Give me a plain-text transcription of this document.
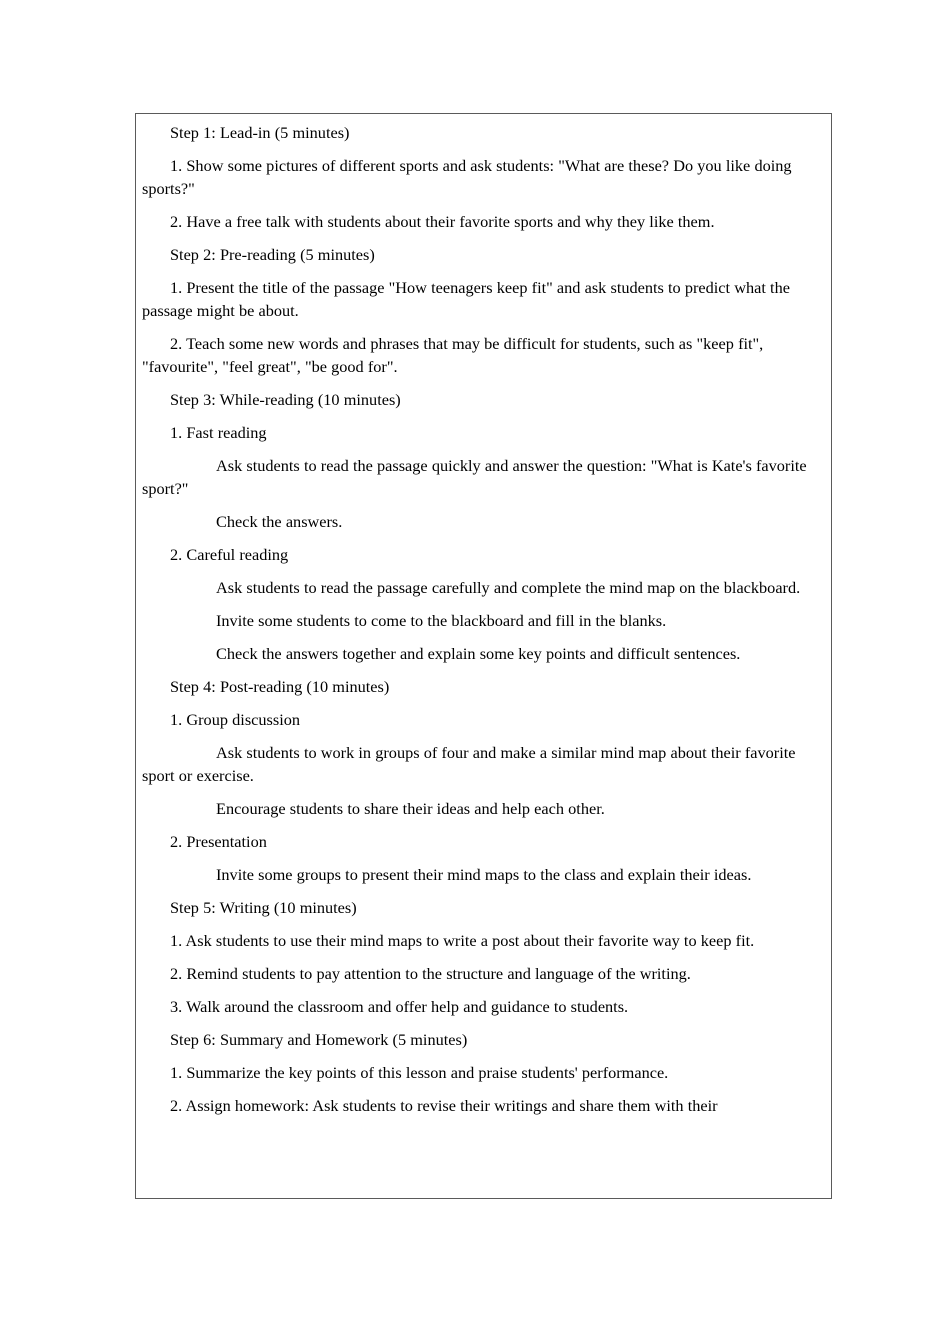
Step 1: Lead-in (5 minutes)

1. Show some pictures of different sports and ask students: "What are these? Do you like doing sports?"

2. Have a free talk with students about their favorite sports and why they like them.

Step 2: Pre-reading (5 minutes)

1. Present the title of the passage "How teenagers keep fit" and ask students to predict what the passage might be about.

2. Teach some new words and phrases that may be difficult for students, such as "keep fit", "favourite", "feel great", "be good for".

Step 3: While-reading (10 minutes)

1. Fast reading

Ask students to read the passage quickly and answer the question: "What is Kate's favorite sport?"

Check the answers.

2. Careful reading

Ask students to read the passage carefully and complete the mind map on the blackboard.

Invite some students to come to the blackboard and fill in the blanks.

Check the answers together and explain some key points and difficult sentences.

Step 4: Post-reading (10 minutes)

1. Group discussion

Ask students to work in groups of four and make a similar mind map about their favorite sport or exercise.

Encourage students to share their ideas and help each other.

2. Presentation

Invite some groups to present their mind maps to the class and explain their ideas.

Step 5: Writing (10 minutes)

1. Ask students to use their mind maps to write a post about their favorite way to keep fit.

2. Remind students to pay attention to the structure and language of the writing.

3. Walk around the classroom and offer help and guidance to students.

Step 6: Summary and Homework (5 minutes)

1. Summarize the key points of this lesson and praise students' performance.

2. Assign homework: Ask students to revise their writings and share them with their
